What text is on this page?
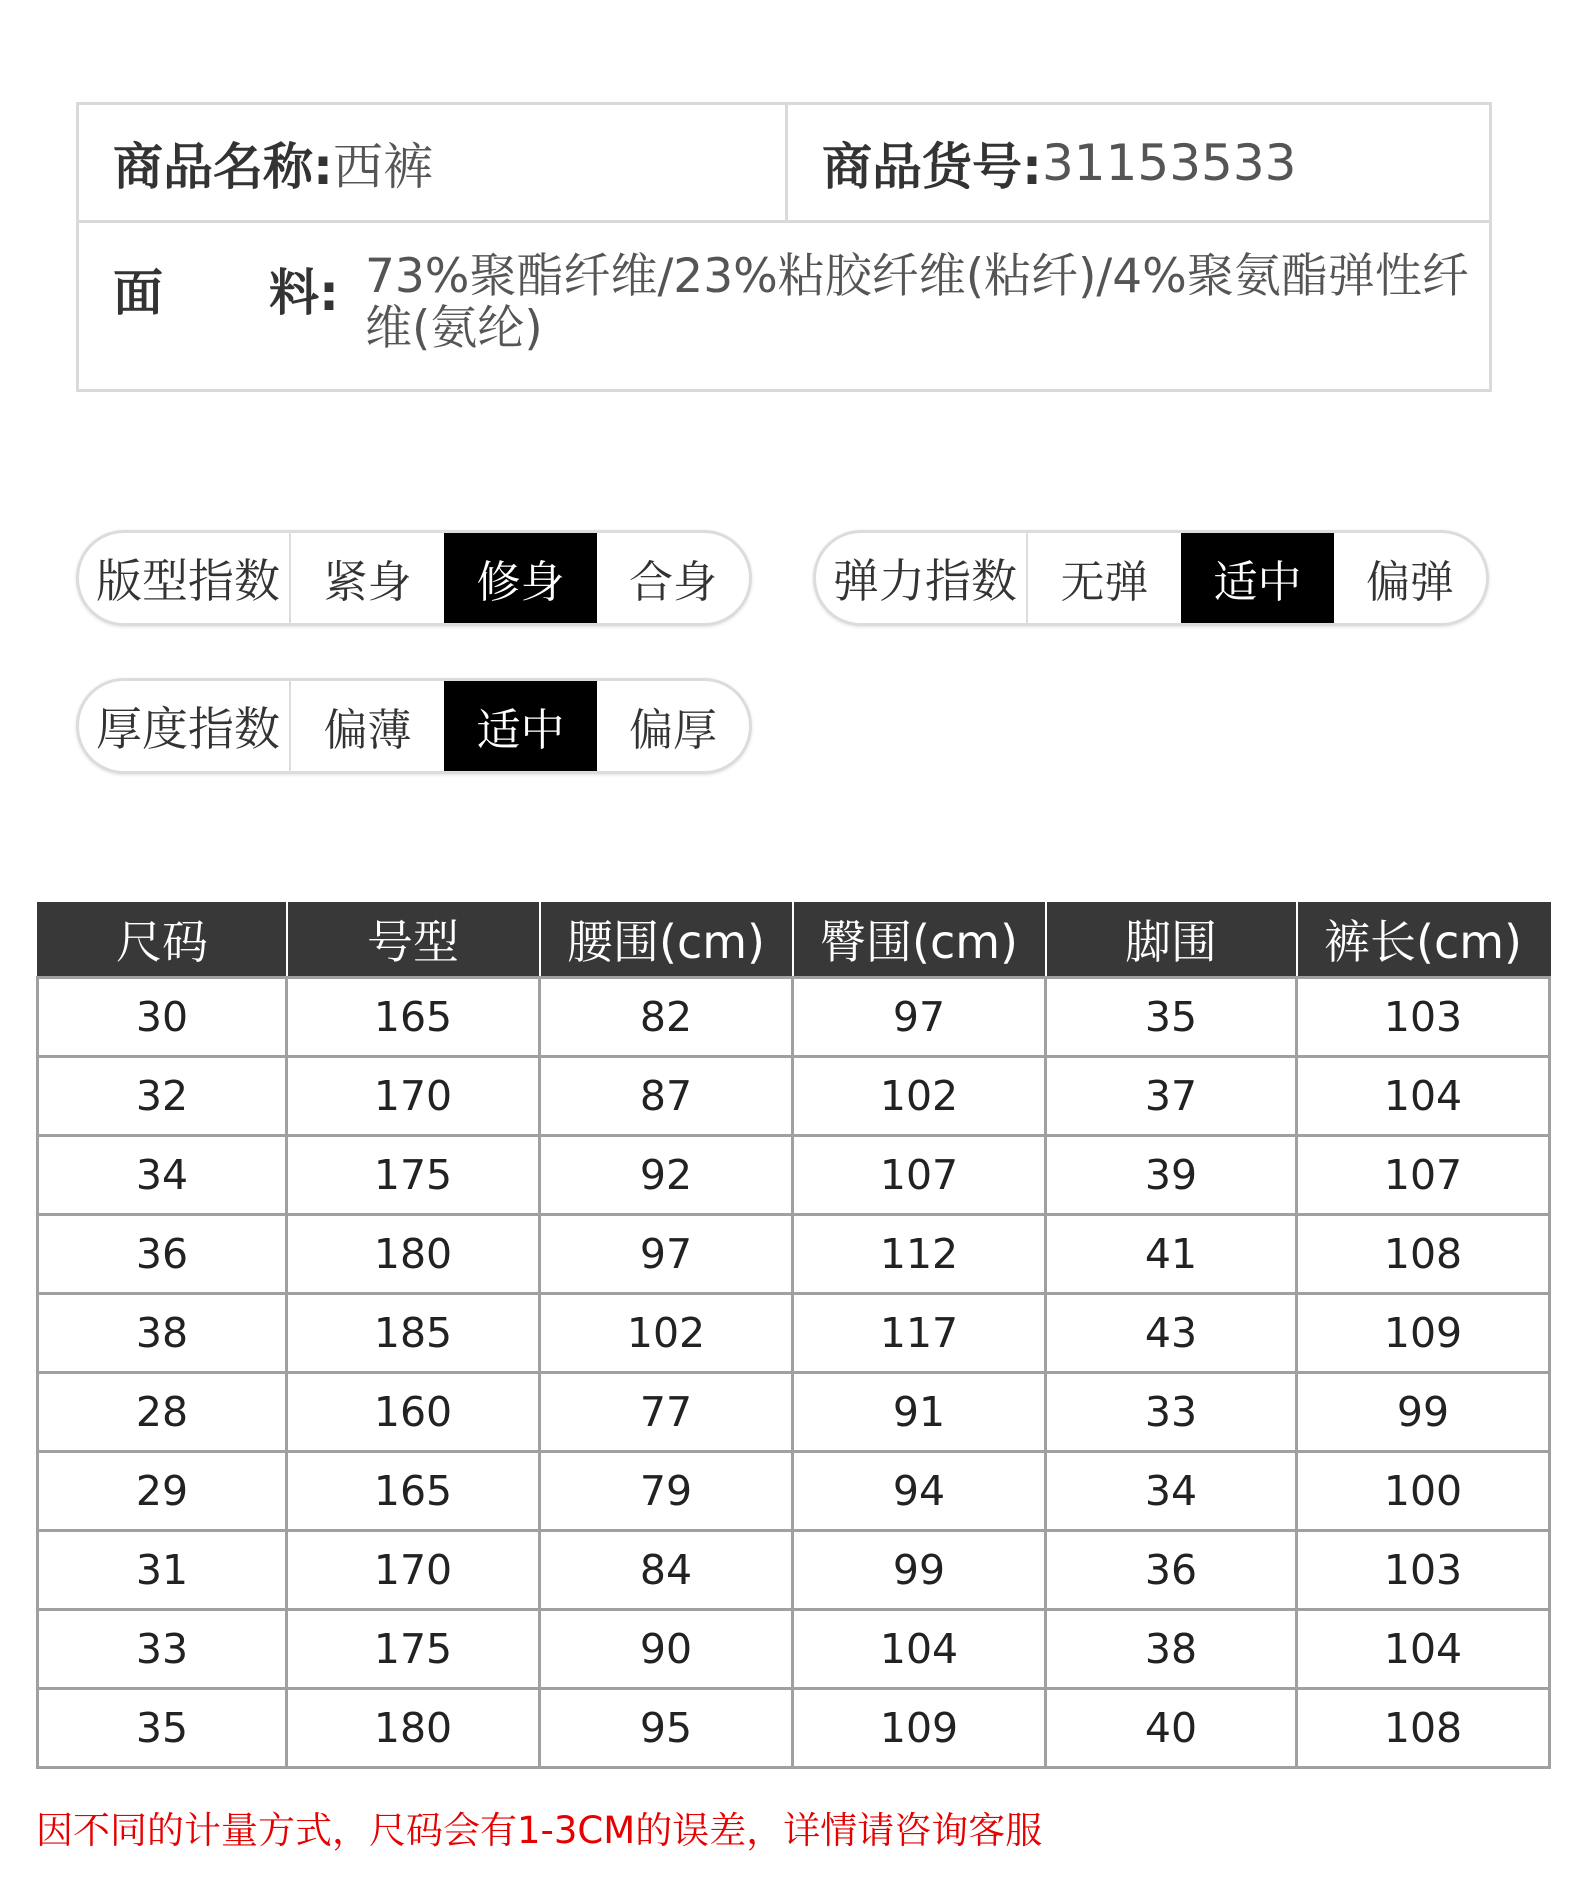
商品名称: 西裤	商品货号: 31153533
面 料: 73%聚酯纤维/23%粘胶纤维(粘纤)/4%聚氨酯弹性纤维(氨纶)
版型指数 紧身	修身	合身	弹力指数 无弹	适中	偏弹
厚度指数 偏薄	适中	偏厚
尺码	号型	腰围(cm)	臀围(cm)	脚围	裤长(cm)
30	165	82	97	35	103
32	170	87	102	37	104
34	175	92	107	39	107
36	180	97	112	41	108
38	185	102	117	43	109
28	160	77	91	33	99
29	165	79	94	34	100
31	170	84	99	36	103
33	175	90	104	38	104
35	180	95	109	40	108
因不同的计量方式，尺码会有1-3CM的误差，详情请咨询客服
